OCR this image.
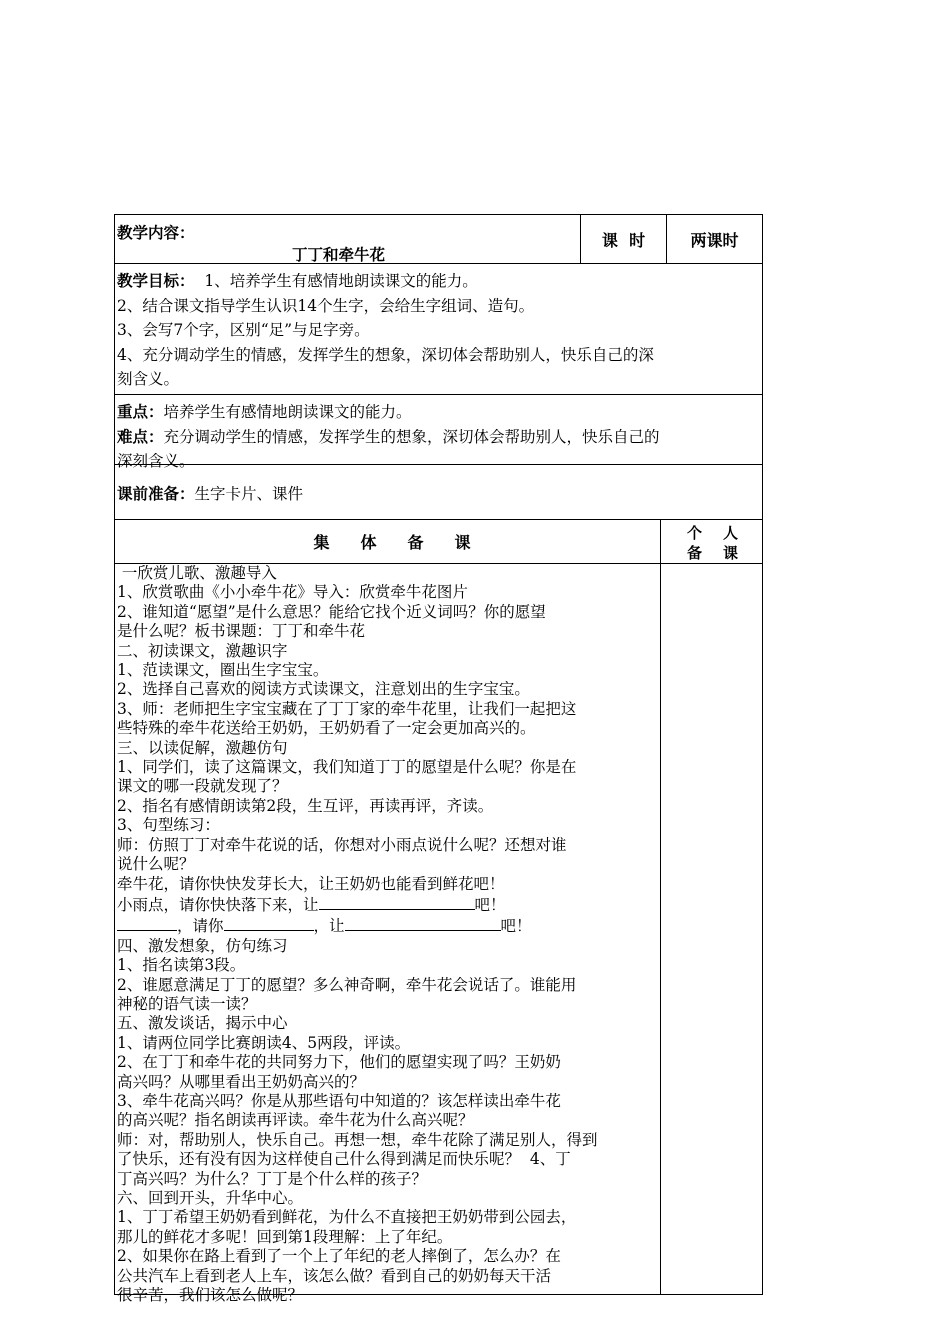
教学内容：
丁丁和牵牛花
课  时	两课时
教学目标： 1、培养学生有感情地朗读课文的能力。
2、结合课文指导学生认识14个生字，会给生字组词、造句。
3、会写7个字，区别“足”与足字旁。
4、充分调动学生的情感，发挥学生的想象，深切体会帮助别人，快乐自己的深
刻含义。
重点：培养学生有感情地朗读课文的能力。
难点：充分调动学生的情感，发挥学生的想象，深切体会帮助别人，快乐自己的
深刻含义。
课前准备：生字卡片、课件
集体备课	个 人
备 课
一欣赏儿歌、激趣导入
1、欣赏歌曲《小小牵牛花》导入：欣赏牵牛花图片
2、谁知道“愿望”是什么意思？能给它找个近义词吗？你的愿望
是什么呢？板书课题：丁丁和牵牛花
二、初读课文，激趣识字
1、范读课文，圈出生字宝宝。
2、选择自己喜欢的阅读方式读课文，注意划出的生字宝宝。
3、师：老师把生字宝宝藏在了丁丁家的牵牛花里，让我们一起把这
些特殊的牵牛花送给王奶奶，王奶奶看了一定会更加高兴的。
三、以读促解，激趣仿句
1、同学们，读了这篇课文，我们知道丁丁的愿望是什么呢？你是在
课文的哪一段就发现了？
2、指名有感情朗读第2段，生互评，再读再评，齐读。
3、句型练习：
师：仿照丁丁对牵牛花说的话，你想对小雨点说什么呢？还想对谁
说什么呢？
牵牛花，请你快快发芽长大，让王奶奶也能看到鲜花吧！
小雨点，请你快快落下来，让	吧！
，请你	，让	吧！
四、激发想象，仿句练习
1、指名读第3段。
2、谁愿意满足丁丁的愿望？多么神奇啊，牵牛花会说话了。谁能用
神秘的语气读一读？
五、激发谈话，揭示中心
1、请两位同学比赛朗读4、5两段，评读。
2、在丁丁和牵牛花的共同努力下，他们的愿望实现了吗？王奶奶
高兴吗？从哪里看出王奶奶高兴的？
3、牵牛花高兴吗？你是从那些语句中知道的？该怎样读出牵牛花
的高兴呢？指名朗读再评读。牵牛花为什么高兴呢？
师：对，帮助别人，快乐自己。再想一想，牵牛花除了满足别人，得到
了快乐，还有没有因为这样使自己什么得到满足而快乐呢？  4、丁
丁高兴吗？为什么？丁丁是个什么样的孩子？
六、回到开头，升华中心。
1、丁丁希望王奶奶看到鲜花，为什么不直接把王奶奶带到公园去，
那儿的鲜花才多呢！回到第1段理解：上了年纪。
2、如果你在路上看到了一个上了年纪的老人摔倒了，怎么办？在
公共汽车上看到老人上车，该怎么做？看到自己的奶奶每天干活
很辛苦，我们该怎么做呢？
